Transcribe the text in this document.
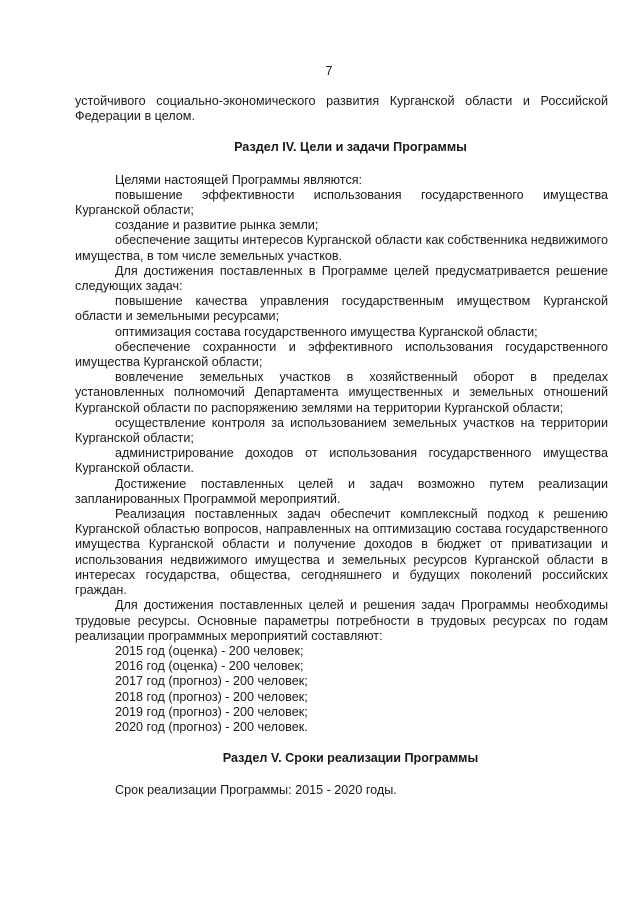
7

устойчивого социально-экономического развития Курганской области и Российской Федерации в целом.

Раздел IV. Цели и задачи Программы

Целями настоящей Программы являются:

повышение эффективности использования государственного имущества Курганской области;

создание и развитие рынка земли;

обеспечение защиты интересов Курганской области как собственника недвижимого имущества, в том числе земельных участков.

Для достижения поставленных в Программе целей предусматривается решение следующих задач:

повышение качества управления государственным имуществом Курганской области и земельными ресурсами;

оптимизация состава государственного имущества Курганской области;

обеспечение сохранности и эффективного использования государственного имущества Курганской области;

вовлечение земельных участков в хозяйственный оборот в пределах установленных полномочий Департамента имущественных и земельных отношений Курганской области по распоряжению землями на территории Курганской области;

осуществление контроля за использованием земельных участков на территории Курганской области;

администрирование доходов от использования государственного имущества Курганской области.

Достижение поставленных целей и задач возможно путем реализации запланированных Программой мероприятий.

Реализация поставленных задач обеспечит комплексный подход к решению Курганской областью вопросов, направленных на оптимизацию состава государственного имущества Курганской области и получение доходов в бюджет от приватизации и использования недвижимого имущества и земельных ресурсов Курганской области в интересах государства, общества, сегодняшнего и будущих поколений российских граждан.

Для достижения поставленных целей и решения задач Программы необходимы трудовые ресурсы. Основные параметры потребности в трудовых ресурсах по годам реализации программных мероприятий составляют:

2015 год (оценка) - 200 человек;

2016 год (оценка) - 200 человек;

2017 год (прогноз) - 200 человек;

2018 год (прогноз) - 200 человек;

2019 год (прогноз) - 200 человек;

2020 год (прогноз) - 200 человек.

Раздел V. Сроки реализации Программы

Срок реализации Программы: 2015 - 2020 годы.
